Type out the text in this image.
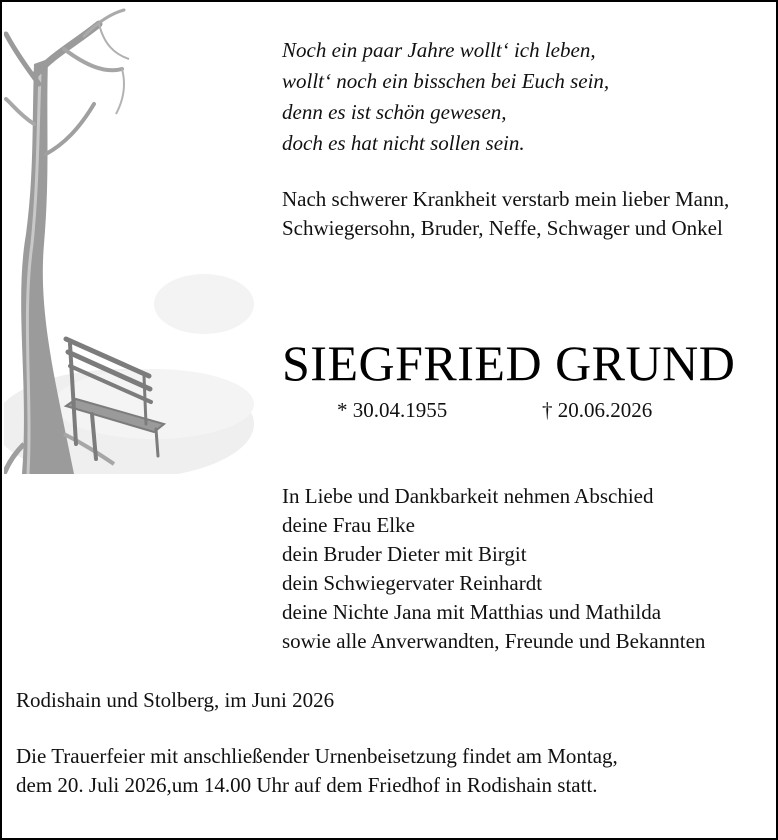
Noch ein paar Jahre wollt‘ ich leben,
wollt‘ noch ein bisschen bei Euch sein,
denn es ist schön gewesen,
doch es hat nicht sollen sein.

Nach schwerer Krankheit verstarb mein lieber Mann, Schwiegersohn, Bruder, Neffe, Schwager und Onkel

SIEGFRIED GRUND
* 30.04.1955	† 20.06.2026

In Liebe und Dankbarkeit nehmen Abschied
deine Frau Elke
dein Bruder Dieter mit Birgit
dein Schwiegervater Reinhardt
deine Nichte Jana mit Matthias und Mathilda
sowie alle Anverwandten, Freunde und Bekannten

Rodishain und Stolberg, im Juni 2026

Die Trauerfeier mit anschließender Urnenbeisetzung findet am Montag,
dem 20. Juli 2026,um 14.00 Uhr auf dem Friedhof in Rodishain statt.
